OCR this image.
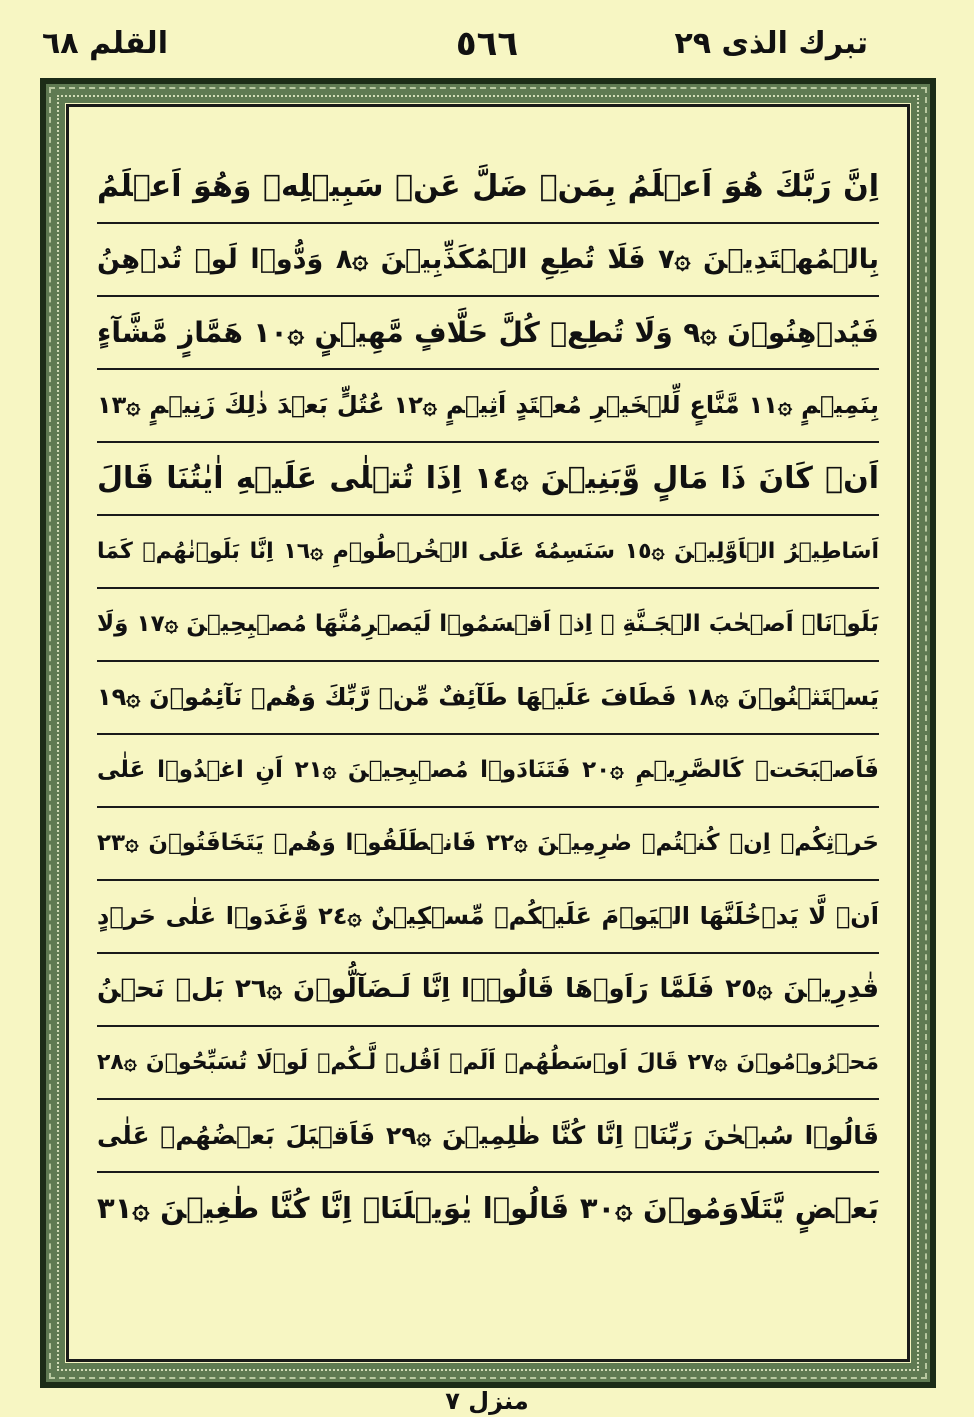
تبرك الذى ٢٩
٥٦٦
القلم ٦٨
اِنَّ رَبَّكَ هُوَ اَعۡلَمُ بِمَنۡ ضَلَّ عَنۡ سَبِيۡلِهٖ وَهُوَ اَعۡلَمُ
بِالۡمُهۡتَدِيۡنَ ۞٧ فَلَا تُطِعِ الۡمُكَذِّبِيۡنَ ۞٨ وَدُّوۡا لَوۡ تُدۡهِنُ
فَيُدۡهِنُوۡنَ ۞٩ وَلَا تُطِعۡ كُلَّ حَلَّافٍ مَّهِيۡنٍ ۞١٠ هَمَّازٍ مَّشَّآءٍ
بِنَمِيۡمٍ ۞١١ مَّنَّاعٍ لِّلۡخَيۡرِ مُعۡتَدٍ اَثِيۡمٍ ۞١٢ عُتُلٍّ بَعۡدَ ذٰلِكَ زَنِيۡمٍ ۞١٣
اَنۡ كَانَ ذَا مَالٍ وَّبَنِيۡنَ ۞١٤ اِذَا تُتۡلٰى عَلَيۡهِ اٰيٰتُنَا قَالَ
اَسَاطِيۡرُ الۡاَوَّلِيۡنَ ۞١٥ سَنَسِمُهٗ عَلَى الۡخُرۡطُوۡمِ ۞١٦ اِنَّا بَلَوۡنٰهُمۡ كَمَا
بَلَوۡنَاۤ اَصۡحٰبَ الۡجَـنَّةِ ۚ اِذۡ اَقۡسَمُوۡا لَيَصۡرِمُنَّهَا مُصۡبِحِيۡنَ ۞١٧ وَلَا
يَسۡتَثۡنُوۡنَ ۞١٨ فَطَافَ عَلَيۡهَا طَآئِفٌ مِّنۡ رَّبِّكَ وَهُمۡ نَآئِمُوۡنَ ۞١٩
فَاَصۡبَحَتۡ كَالصَّرِيۡمِ ۞٢٠ فَتَنَادَوۡا مُصۡبِحِيۡنَ ۞٢١ اَنِ اغۡدُوۡا عَلٰى
حَرۡثِكُمۡ اِنۡ كُنۡتُمۡ صٰرِمِيۡنَ ۞٢٢ فَانۡطَلَقُوۡا وَهُمۡ يَتَخَافَتُوۡنَ ۞٢٣
اَنۡ لَّا يَدۡخُلَنَّهَا الۡيَوۡمَ عَلَيۡكُمۡ مِّسۡكِيۡنٌ ۞٢٤ وَّغَدَوۡا عَلٰى حَرۡدٍ
قٰدِرِيۡنَ ۞٢٥ فَلَمَّا رَاَوۡهَا قَالُوۡۤا اِنَّا لَـضَآلُّوۡنَ ۞٢٦ بَلۡ نَحۡنُ
مَحۡرُوۡمُوۡنَ ۞٢٧ قَالَ اَوۡسَطُهُمۡ اَلَمۡ اَقُلۡ لَّـكُمۡ لَوۡلَا تُسَبِّحُوۡنَ ۞٢٨
قَالُوۡا سُبۡحٰنَ رَبِّنَاۤ اِنَّا كُنَّا ظٰلِمِيۡنَ ۞٢٩ فَاَقۡبَلَ بَعۡضُهُمۡ عَلٰى
بَعۡضٍ يَّتَلَاوَمُوۡنَ ۞٣٠ قَالُوۡا يٰوَيۡلَنَاۤ اِنَّا كُنَّا طٰغِيۡنَ ۞٣١
منزل ٧
